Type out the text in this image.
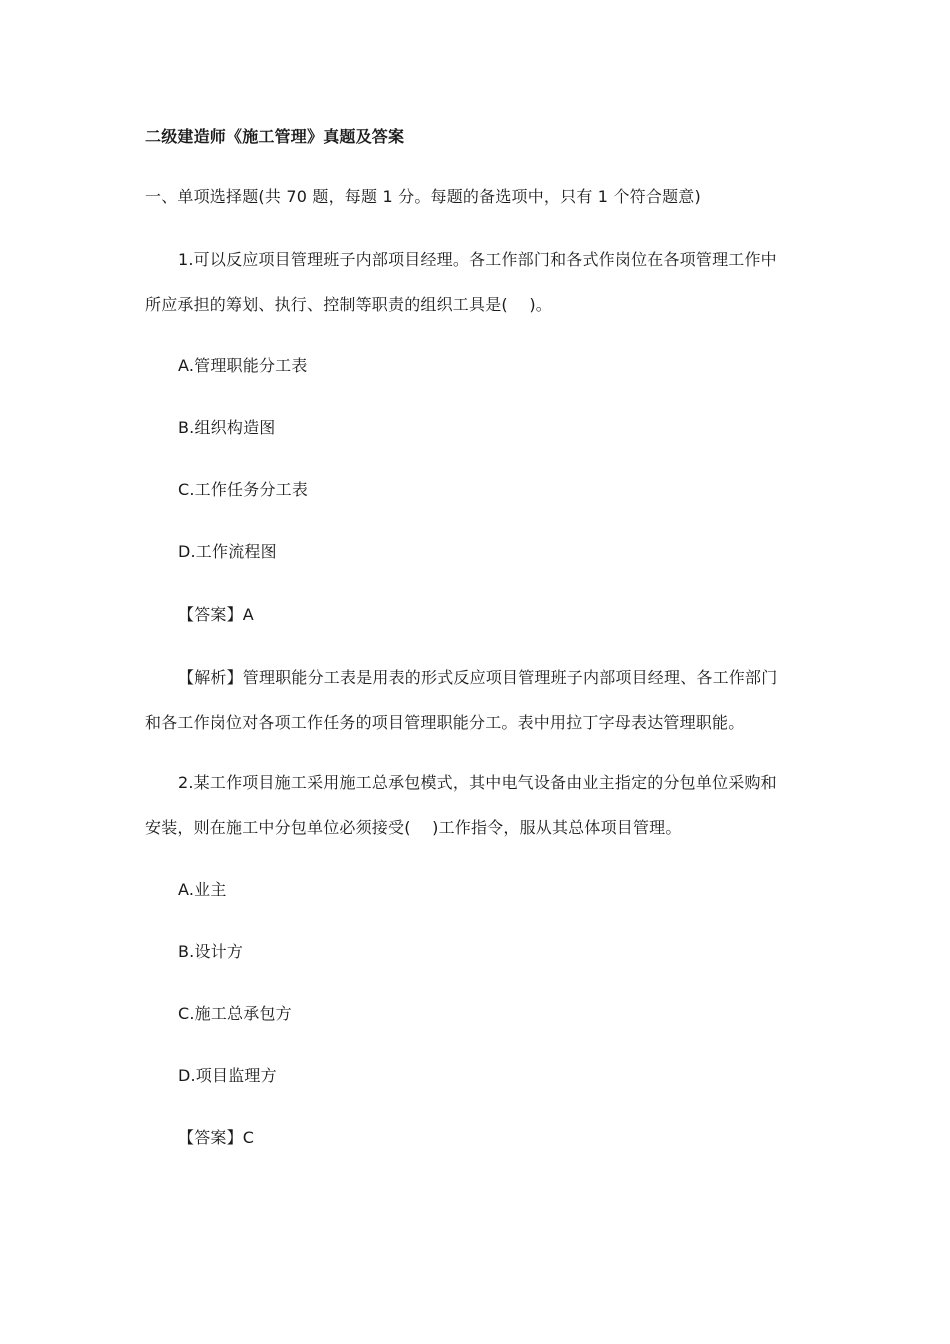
二级建造师《施工管理》真题及答案
一、单项选择题(共 70 题，每题 1 分。每题的备选项中，只有 1 个符合题意)
1.可以反应项目管理班子内部项目经理。各工作部门和各式作岗位在各项管理工作中
所应承担的筹划、执行、控制等职责的组织工具是(　 )。
A.管理职能分工表
B.组织构造图
C.工作任务分工表
D.工作流程图
【答案】A
【解析】管理职能分工表是用表的形式反应项目管理班子内部项目经理、各工作部门
和各工作岗位对各项工作任务的项目管理职能分工。表中用拉丁字母表达管理职能。
2.某工作项目施工采用施工总承包模式，其中电气设备由业主指定的分包单位采购和
安装，则在施工中分包单位必须接受(　 )工作指令，服从其总体项目管理。
A.业主
B.设计方
C.施工总承包方
D.项目监理方
【答案】C
